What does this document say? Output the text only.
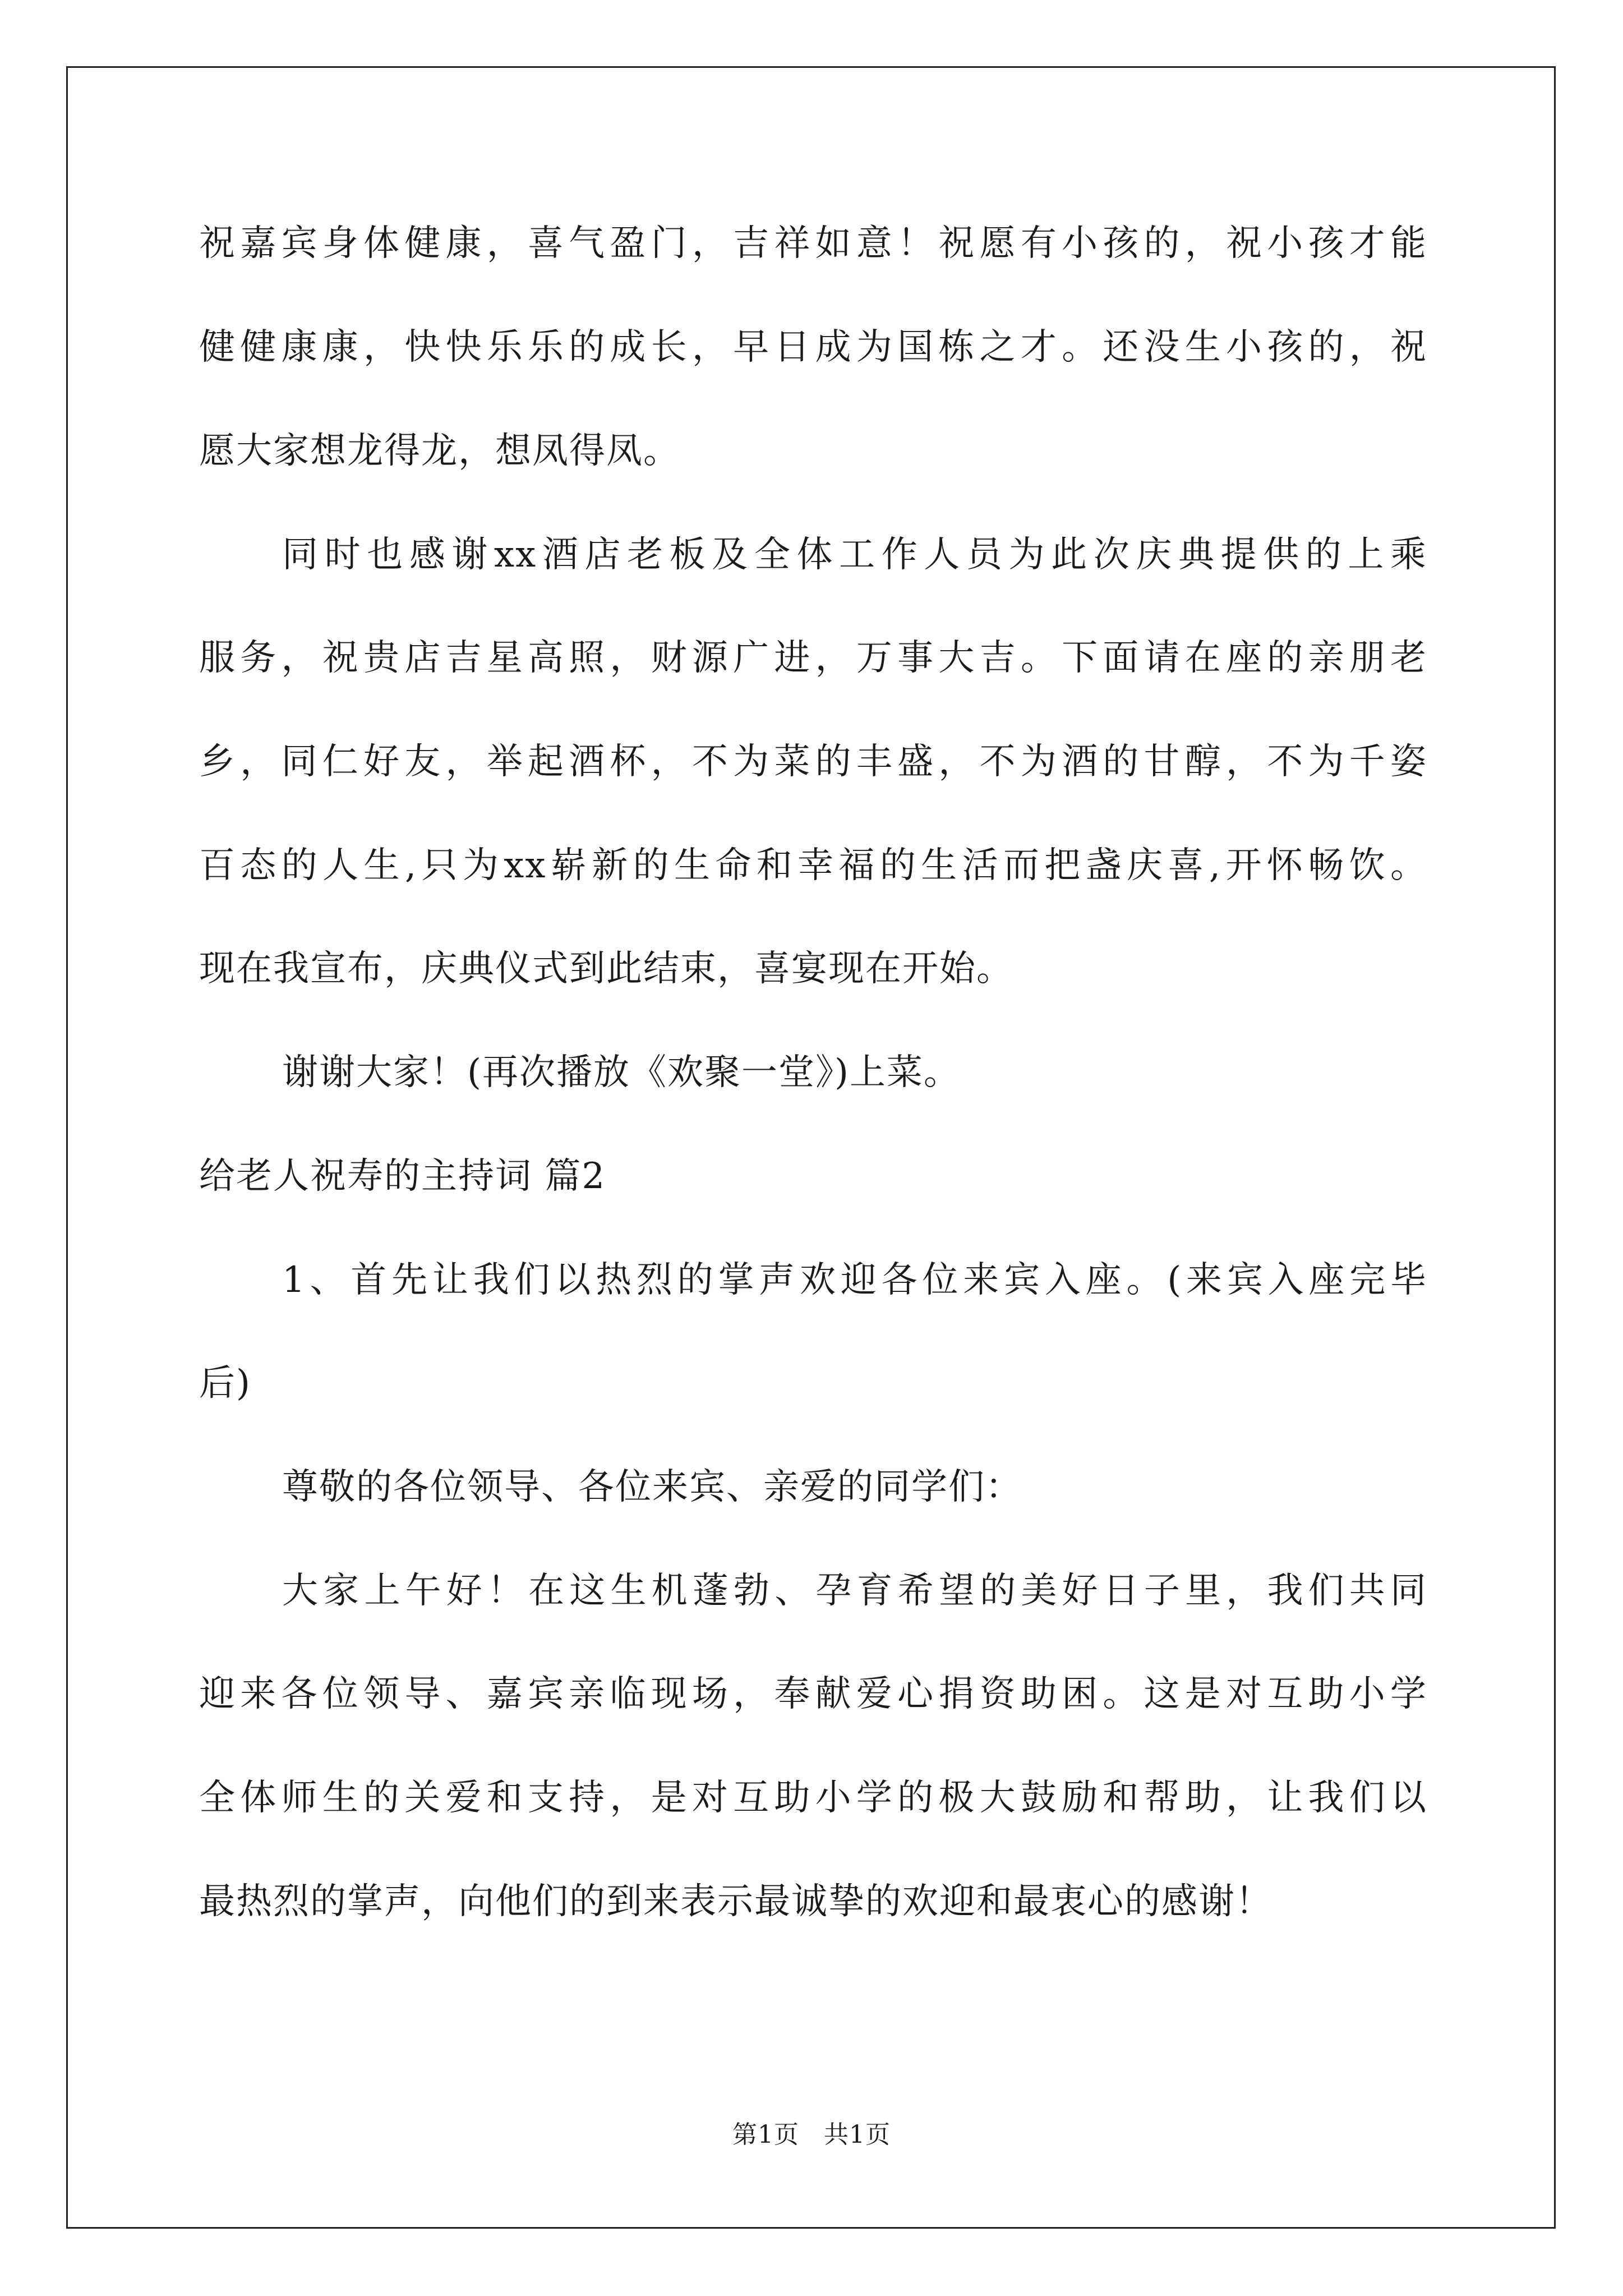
祝嘉宾身体健康，喜气盈门，吉祥如意！祝愿有小孩的，祝小孩才能
健健康康，快快乐乐的成长，早日成为国栋之才。还没生小孩的，祝
愿大家想龙得龙，想凤得凤。
同时也感谢xx酒店老板及全体工作人员为此次庆典提供的上乘
服务，祝贵店吉星高照，财源广进，万事大吉。下面请在座的亲朋老
乡，同仁好友，举起酒杯，不为菜的丰盛，不为酒的甘醇，不为千姿
百态的人生,只为xx崭新的生命和幸福的生活而把盏庆喜,开怀畅饮。
现在我宣布，庆典仪式到此结束，喜宴现在开始。
谢谢大家！(再次播放《欢聚一堂》)上菜。
给老人祝寿的主持词 篇2
1、首先让我们以热烈的掌声欢迎各位来宾入座。(来宾入座完毕
后)
尊敬的各位领导、各位来宾、亲爱的同学们：
大家上午好！在这生机蓬勃、孕育希望的美好日子里，我们共同
迎来各位领导、嘉宾亲临现场，奉献爱心捐资助困。这是对互助小学
全体师生的关爱和支持，是对互助小学的极大鼓励和帮助，让我们以
最热烈的掌声，向他们的到来表示最诚挚的欢迎和最衷心的感谢！
第1页 共1页
